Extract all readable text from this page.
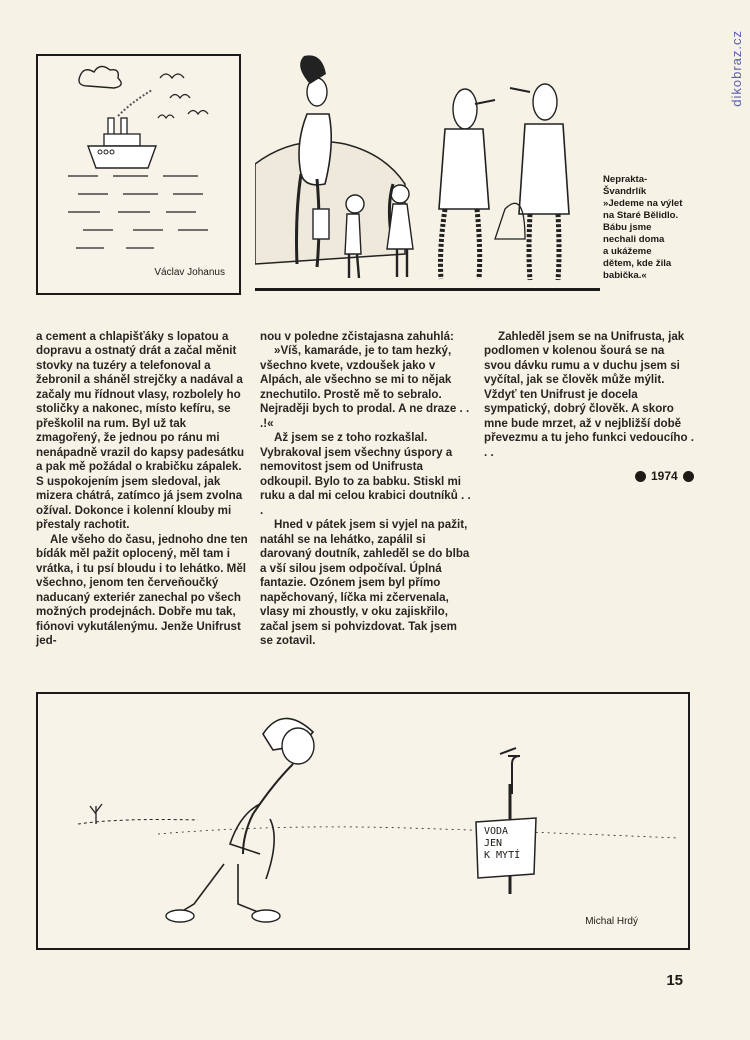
dikobraz.cz
Václav Johanus
Neprakta-
Švandrlík
»Jedeme na výlet
na Staré Bělidlo.
Bábu jsme
nechali doma
a ukážeme
dětem, kde žila
babička.«

a cement a chlapišťáky s lopatou a dopravu a ostnatý drát a začal měnit stovky na tuzéry a telefonoval a žebronil a sháněl strejčky a nadával a začaly mu řídnout vlasy, rozbolely ho stoličky a nakonec, místo kefíru, se přeškolil na rum. Byl už tak zmagořený, že jednou po ránu mi nenápadně vrazil do kapsy padesátku a pak mě požádal o krabičku zápalek. S uspokojením jsem sledoval, jak mizera chátrá, zatímco já jsem zvolna ožíval. Dokonce i kolenní klouby mi přestaly rachotit.

Ale všeho do času, jednoho dne ten bídák měl pažit oplocený, měl tam i vrátka, i tu psí bloudu i to lehátko. Měl všechno, jenom ten červeňoučký naducaný exteriér zanechal po všech možných prodejnách. Dobře mu tak, fiónovi vykutálenýmu. Jenže Unifrust jed-

nou v poledne zčistajasna zahuhlá:

»Víš, kamaráde, je to tam hezký, všechno kvete, vzdoušek jako v Alpách, ale všechno se mi to nějak znechutilo. Prostě mě to sebralo. Nejraději bych to prodal. A ne draze . . .!«

Až jsem se z toho rozkašlal. Vybrakoval jsem všechny úspory a nemovitost jsem od Unifrusta odkoupil. Bylo to za babku. Stiskl mi ruku a dal mi celou krabici doutníků . . .

Hned v pátek jsem si vyjel na pažit, natáhl se na lehátko, zapálil si darovaný doutník, zahleděl se do blba a vší silou jsem odpočíval. Úplná fantazie. Ozónem jsem byl přímo napěchovaný, líčka mi zčervenala, vlasy mi zhoustly, v oku zajiskřilo, začal jsem si pohvizdovat. Tak jsem se zotavil.

Zahleděl jsem se na Unifrusta, jak podlomen v kolenou šourá se na svou dávku rumu a v duchu jsem si vyčítal, jak se člověk může mýlit. Vždyť ten Unifrust je docela sympatický, dobrý člověk. A skoro mne bude mrzet, až v nejbližší době převezmu a tu jeho funkci vedoucího . . .

1974
VODA
JEN
K MYTÍ
Michal Hrdý
15
